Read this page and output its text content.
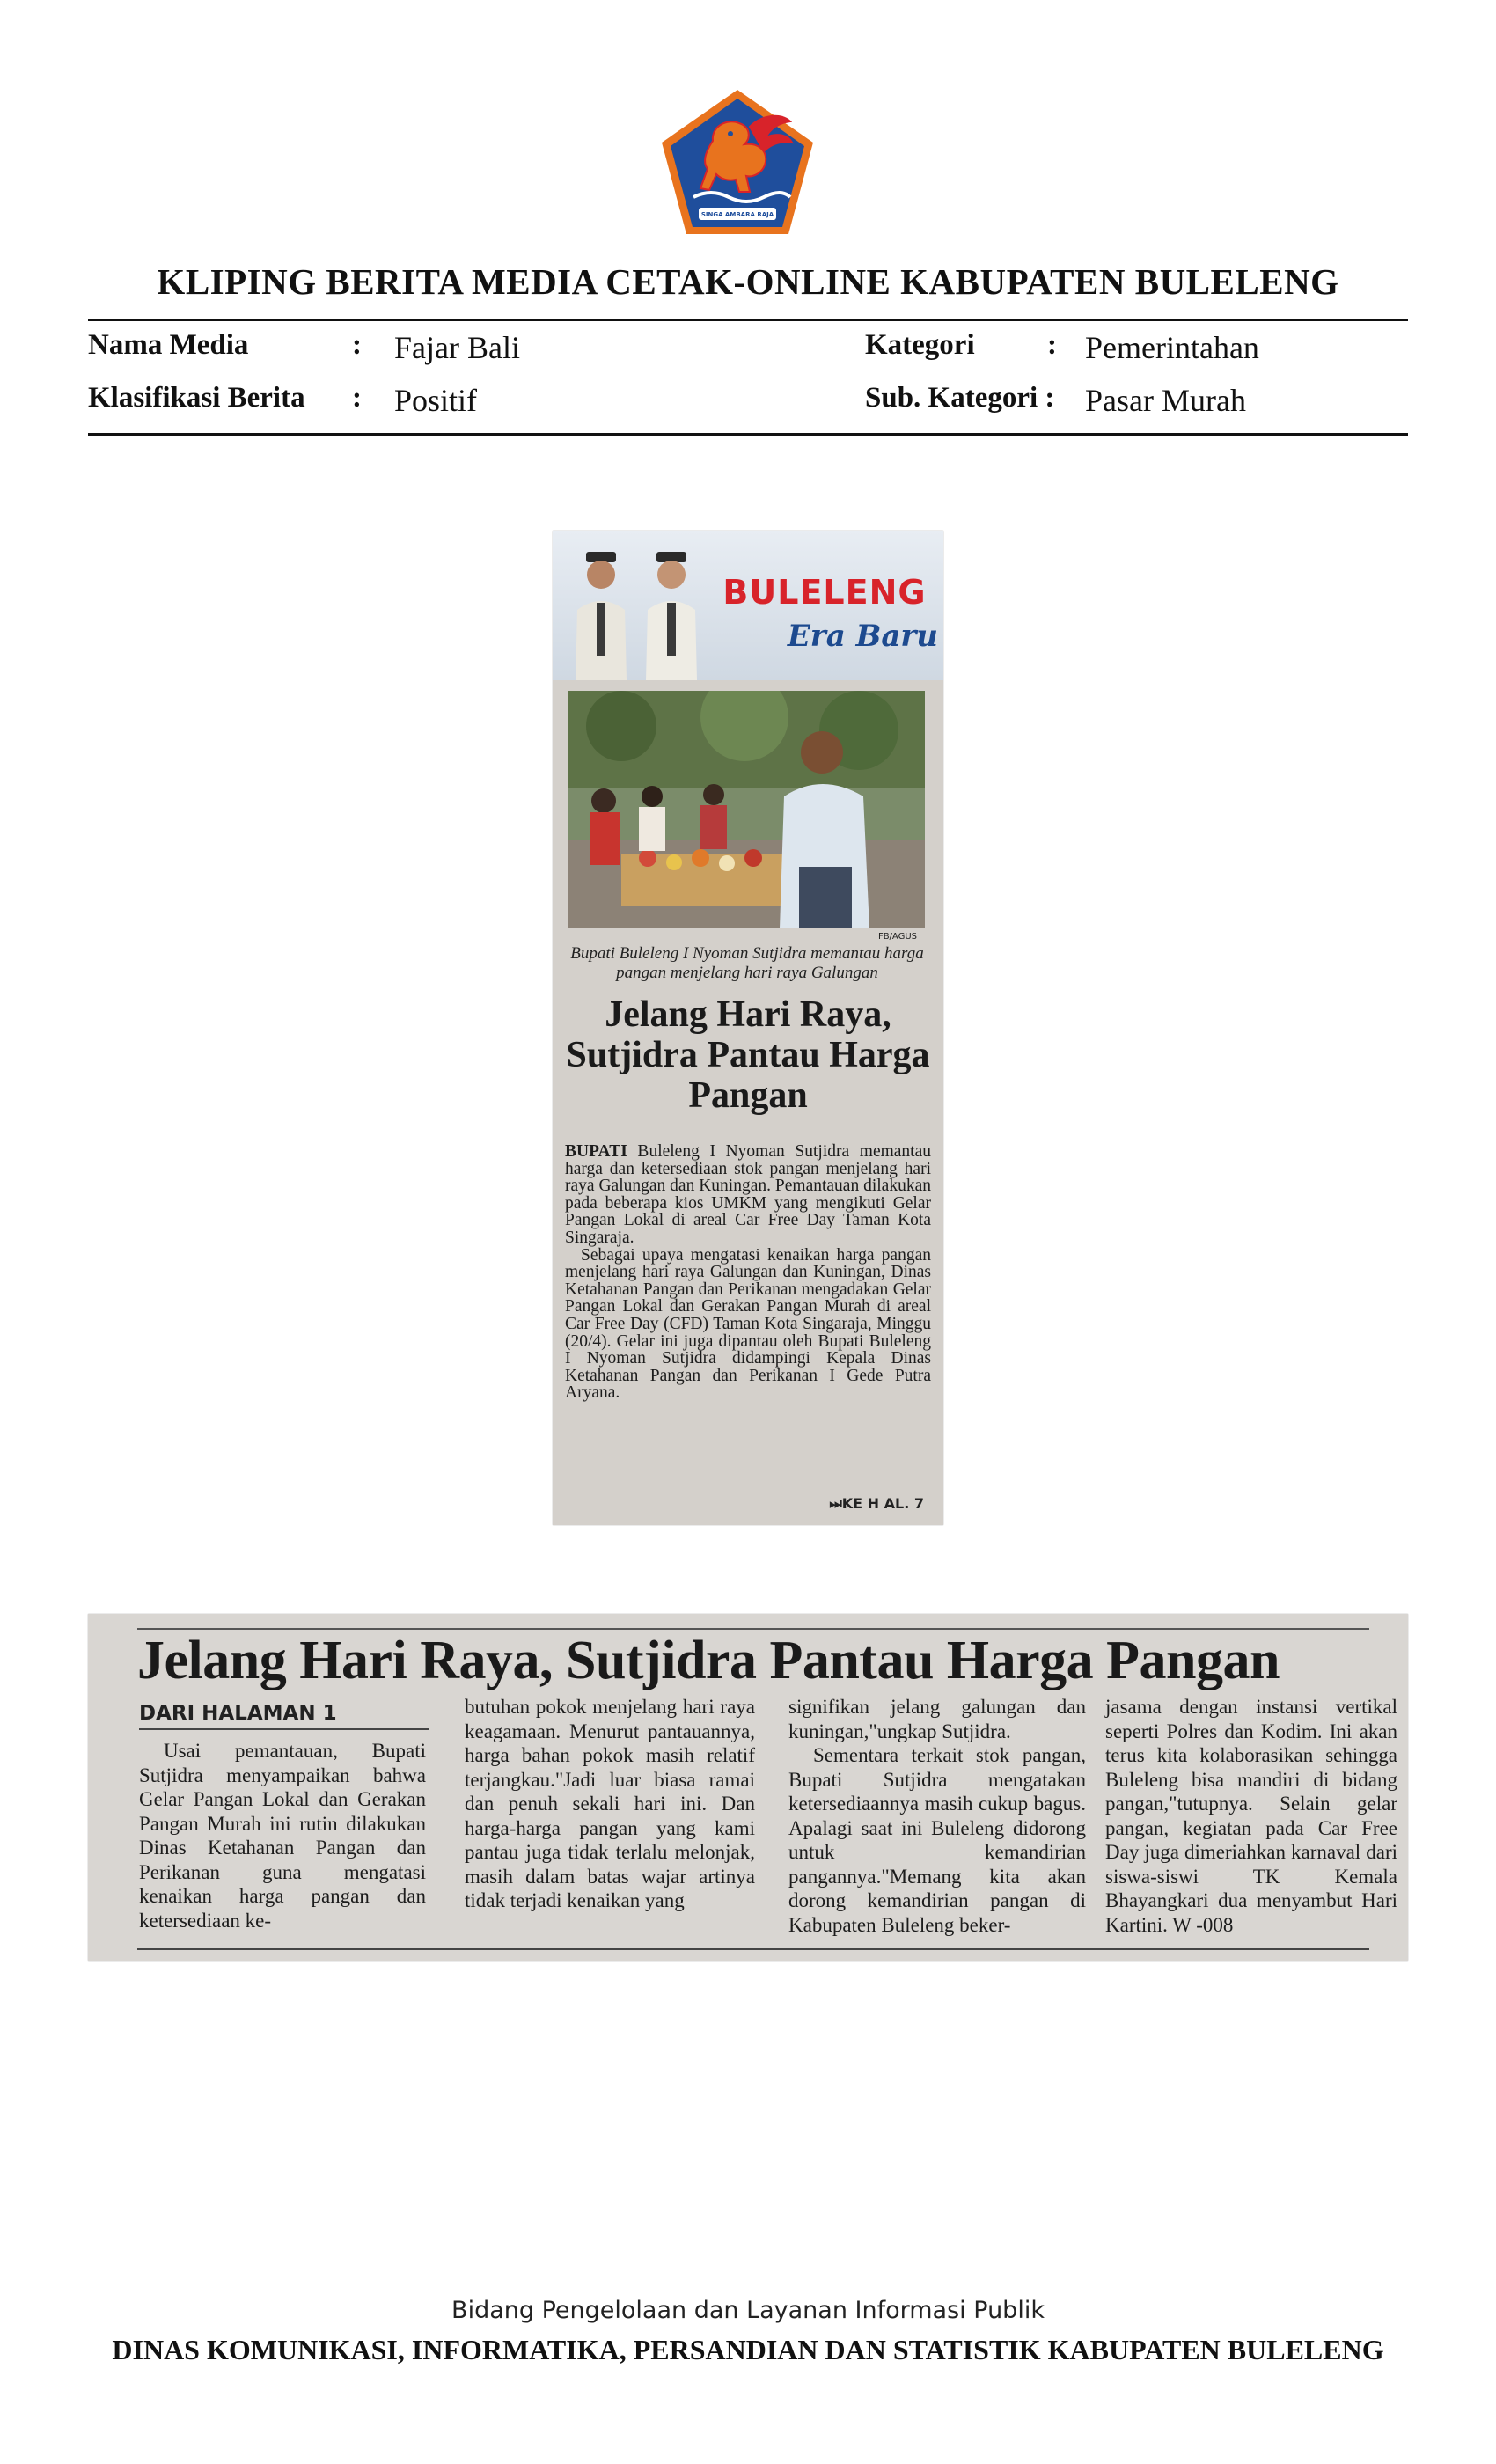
SINGA AMBARA RAJA
KLIPING BERITA MEDIA CETAK-ONLINE KABUPATEN BULELENG
Nama Media	: Fajar Bali
Klasifikasi Berita : Positif
Kategori : Pemerintahan
Sub. Kategori : Pasar Murah
BULELENG
Era Baru
FB/AGUS
Bupati Buleleng I Nyoman Sutjidra memantau harga pangan menjelang hari raya Galungan
Jelang Hari Raya, Sutjidra Pantau Harga Pangan

BUPATI Buleleng I Nyoman Sutjidra memantau harga dan ketersediaan stok pangan menjelang hari raya Galungan dan Kuningan. Pemantauan dilakukan pada beberapa kios UMKM yang mengikuti Gelar Pangan Lokal di areal Car Free Day Taman Kota Singaraja.

Sebagai upaya mengatasi kenaikan harga pangan menjelang hari raya Galungan dan Kuningan, Dinas Ketahanan Pangan dan Perikanan mengadakan Gelar Pangan Lokal dan Gerakan Pangan Murah di areal Car Free Day (CFD) Taman Kota Singaraja, Minggu (20/4). Gelar ini juga dipantau oleh Bupati Buleleng I Nyoman Sutjidra didampingi Kepala Dinas Ketahanan Pangan dan Perikanan I Gede Putra Aryana.

⏭KE H AL. 7
Jelang Hari Raya, Sutjidra Pantau Harga Pangan
DARI HALAMAN 1

Usai pemantauan, Bupati Sutjidra menyampaikan bahwa Gelar Pangan Lokal dan Gerakan Pangan Murah ini rutin dilakukan Dinas Ketahanan Pangan dan Perikanan guna mengatasi kenaikan harga pangan dan ketersediaan ke-

butuhan pokok menjelang hari raya keagamaan. Menurut pantauannya, harga bahan pokok masih relatif terjangkau."Jadi luar biasa ramai dan penuh sekali hari ini. Dan harga-harga pangan yang kami pantau juga tidak terlalu melonjak, masih dalam batas wajar artinya tidak terjadi kenaikan yang

signifikan jelang galungan dan kuningan,"ungkap Sutjidra.

Sementara terkait stok pangan, Bupati Sutjidra mengatakan ketersediaannya masih cukup bagus. Apalagi saat ini Buleleng didorong untuk kemandirian pangannya."Memang kita akan dorong kemandirian pangan di Kabupaten Buleleng beker-

jasama dengan instansi vertikal seperti Polres dan Kodim. Ini akan terus kita kolaborasikan sehingga Buleleng bisa mandiri di bidang pangan,"tutupnya. Selain gelar pangan, kegiatan pada Car Free Day juga dimeriahkan karnaval dari siswa-siswi TK Kemala Bhayangkari dua menyambut Hari Kartini. W -008

Bidang Pengelolaan dan Layanan Informasi Publik
DINAS KOMUNIKASI, INFORMATIKA, PERSANDIAN DAN STATISTIK KABUPATEN BULELENG
